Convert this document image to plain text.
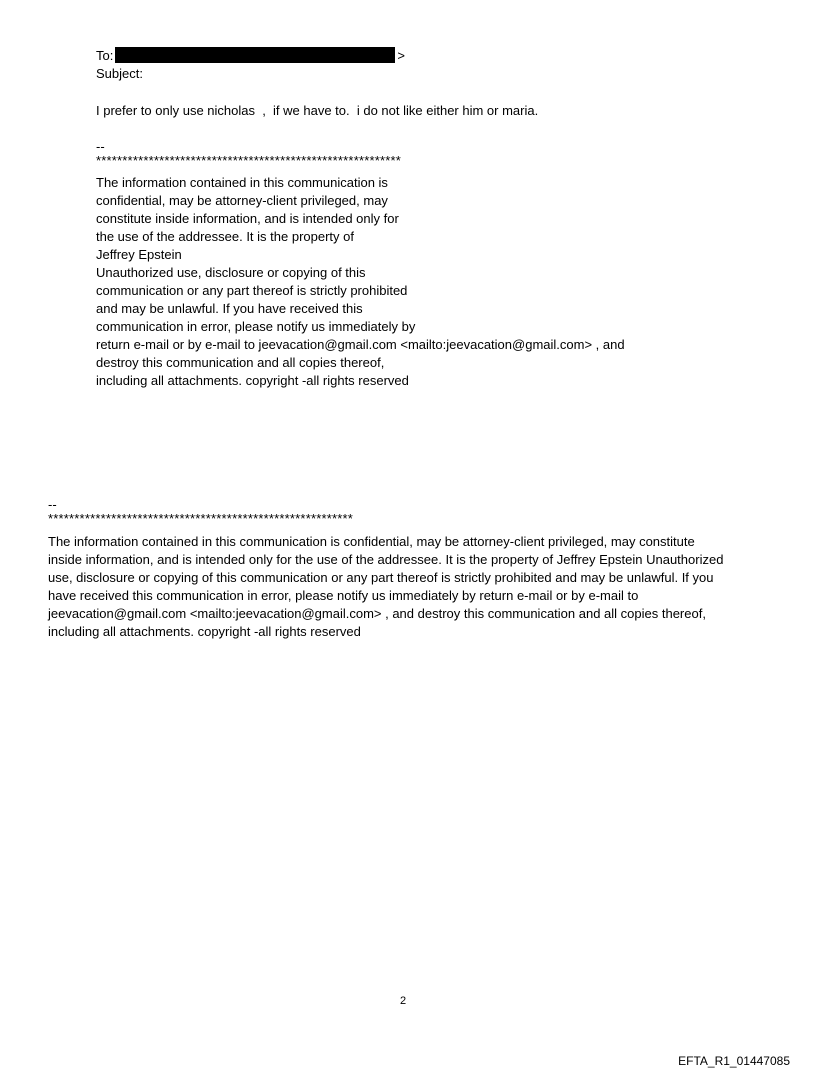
To:	>
Subject:
I prefer to only use nicholas  ,  if we have to.  i do not like either him or maria.
--
**********************************************************
The information contained in this communication is
confidential, may be attorney-client privileged, may
constitute inside information, and is intended only for
the use of the addressee. It is the property of
Jeffrey Epstein
Unauthorized use, disclosure or copying of this
communication or any part thereof is strictly prohibited
and may be unlawful. If you have received this
communication in error, please notify us immediately by
return e-mail or by e-mail to jeevacation@gmail.com <mailto:jeevacation@gmail.com> , and
destroy this communication and all copies thereof,
including all attachments. copyright -all rights reserved
--
**********************************************************
The information contained in this communication is confidential, may be attorney-client privileged, may constitute
inside information, and is intended only for the use of the addressee. It is the property of Jeffrey Epstein Unauthorized
use, disclosure or copying of this communication or any part thereof is strictly prohibited and may be unlawful. If you
have received this communication in error, please notify us immediately by return e-mail or by e-mail to
jeevacation@gmail.com <mailto:jeevacation@gmail.com> , and destroy this communication and all copies thereof,
including all attachments. copyright -all rights reserved
2
EFTA_R1_01447085
